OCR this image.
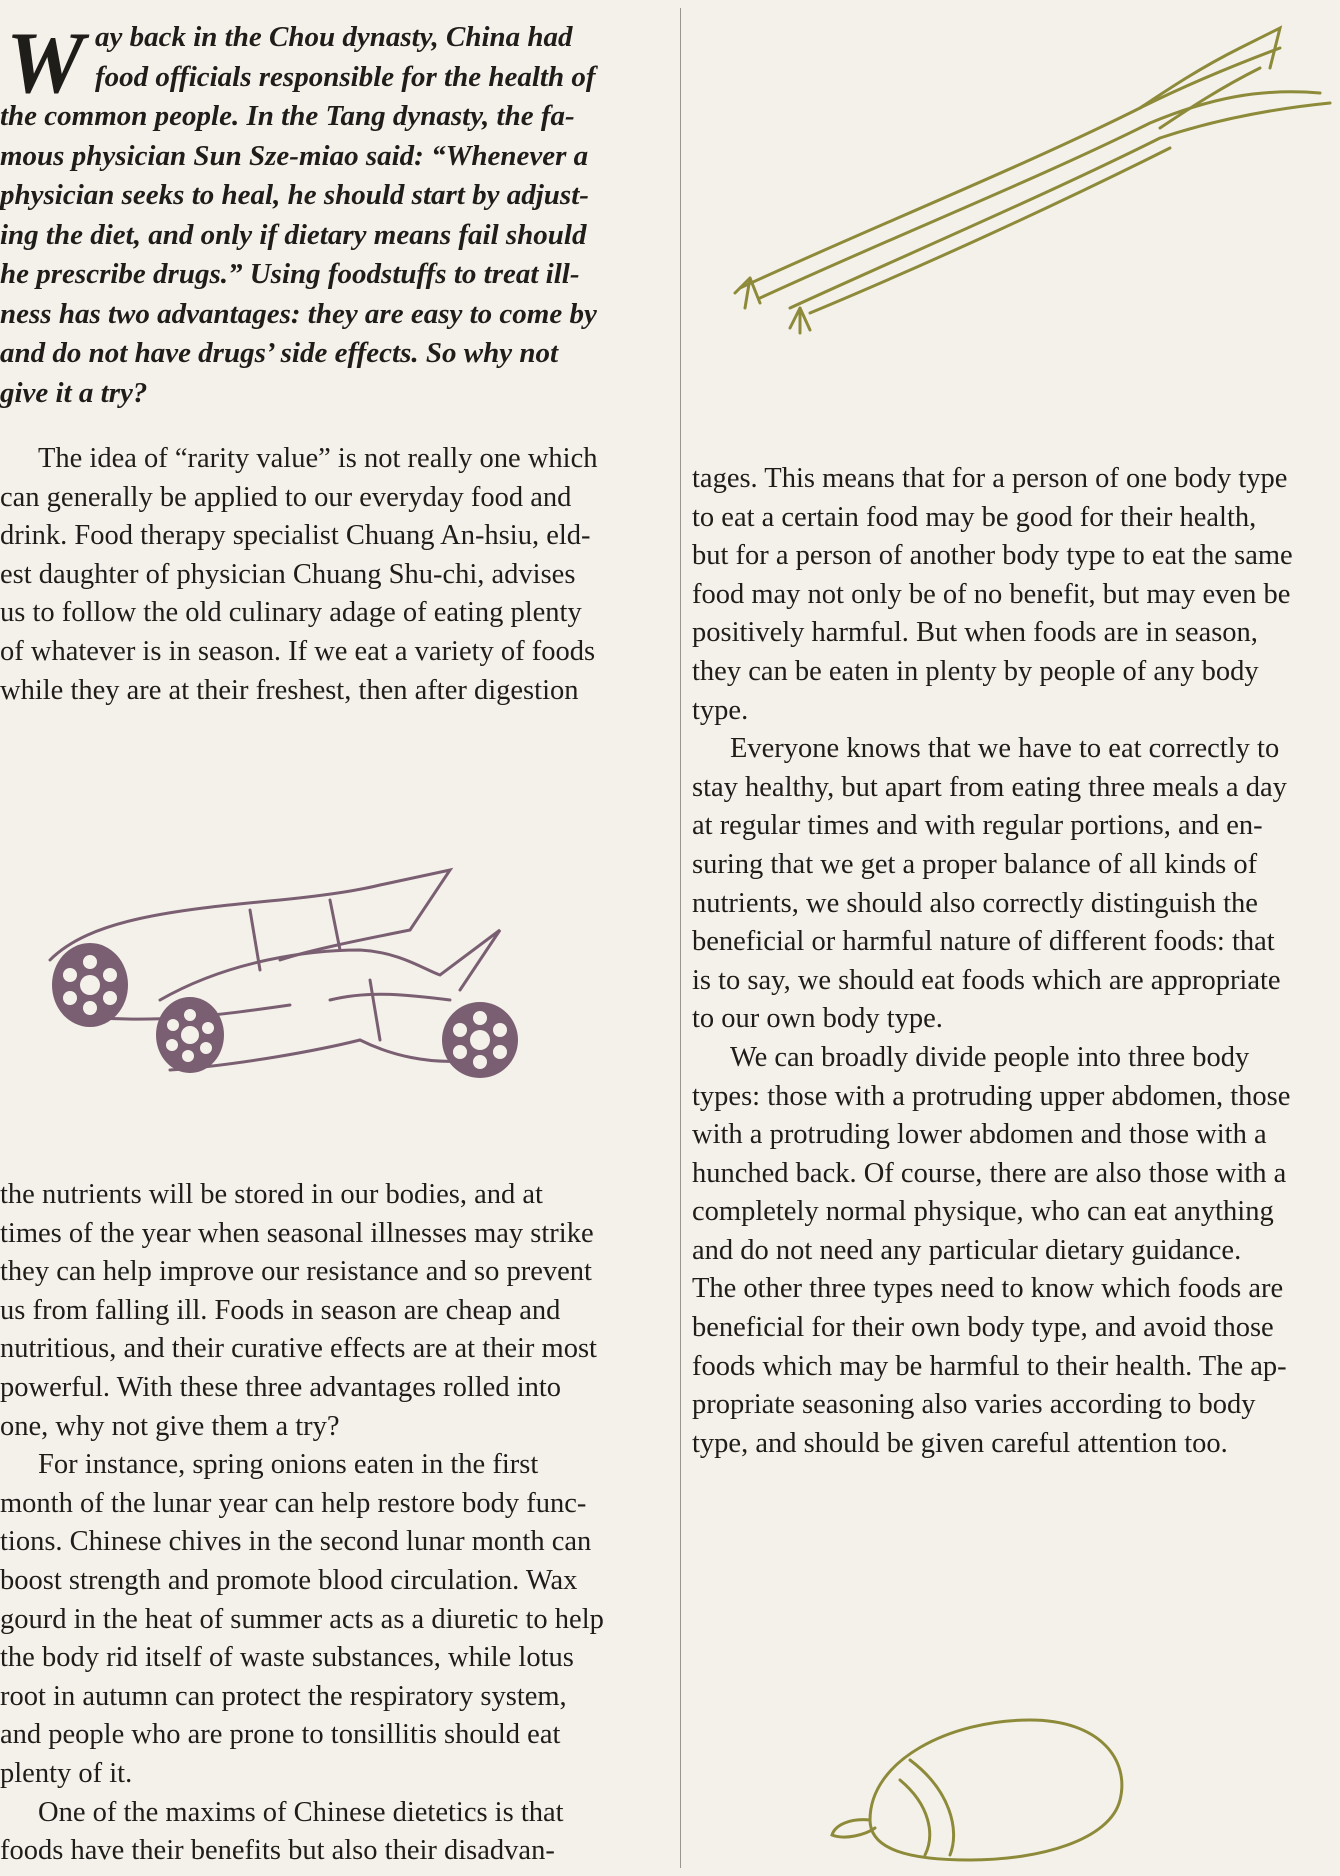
W ay back in the Chou dynasty, China had
food officials responsible for the health of
the common people. In the Tang dynasty, the fa-
mous physician Sun Sze-miao said: “Whenever a
physician seeks to heal, he should start by adjust-
ing the diet, and only if dietary means fail should
he prescribe drugs.” Using foodstuffs to treat ill-
ness has two advantages: they are easy to come by
and do not have drugs’ side effects. So why not
give it a try?
The idea of “rarity value” is not really one which
can generally be applied to our everyday food and
drink. Food therapy specialist Chuang An-hsiu, eld-
est daughter of physician Chuang Shu-chi, advises
us to follow the old culinary adage of eating plenty
of whatever is in season. If we eat a variety of foods
while they are at their freshest, then after digestion
the nutrients will be stored in our bodies, and at
times of the year when seasonal illnesses may strike
they can help improve our resistance and so prevent
us from falling ill. Foods in season are cheap and
nutritious, and their curative effects are at their most
powerful. With these three advantages rolled into
one, why not give them a try?
For instance, spring onions eaten in the first
month of the lunar year can help restore body func-
tions. Chinese chives in the second lunar month can
boost strength and promote blood circulation. Wax
gourd in the heat of summer acts as a diuretic to help
the body rid itself of waste substances, while lotus
root in autumn can protect the respiratory system,
and people who are prone to tonsillitis should eat
plenty of it.
One of the maxims of Chinese dietetics is that
foods have their benefits but also their disadvan-
tages. This means that for a person of one body type
to eat a certain food may be good for their health,
but for a person of another body type to eat the same
food may not only be of no benefit, but may even be
positively harmful. But when foods are in season,
they can be eaten in plenty by people of any body
type.
Everyone knows that we have to eat correctly to
stay healthy, but apart from eating three meals a day
at regular times and with regular portions, and en-
suring that we get a proper balance of all kinds of
nutrients, we should also correctly distinguish the
beneficial or harmful nature of different foods: that
is to say, we should eat foods which are appropriate
to our own body type.
We can broadly divide people into three body
types: those with a protruding upper abdomen, those
with a protruding lower abdomen and those with a
hunched back. Of course, there are also those with a
completely normal physique, who can eat anything
and do not need any particular dietary guidance.
The other three types need to know which foods are
beneficial for their own body type, and avoid those
foods which may be harmful to their health. The ap-
propriate seasoning also varies according to body
type, and should be given careful attention too.
